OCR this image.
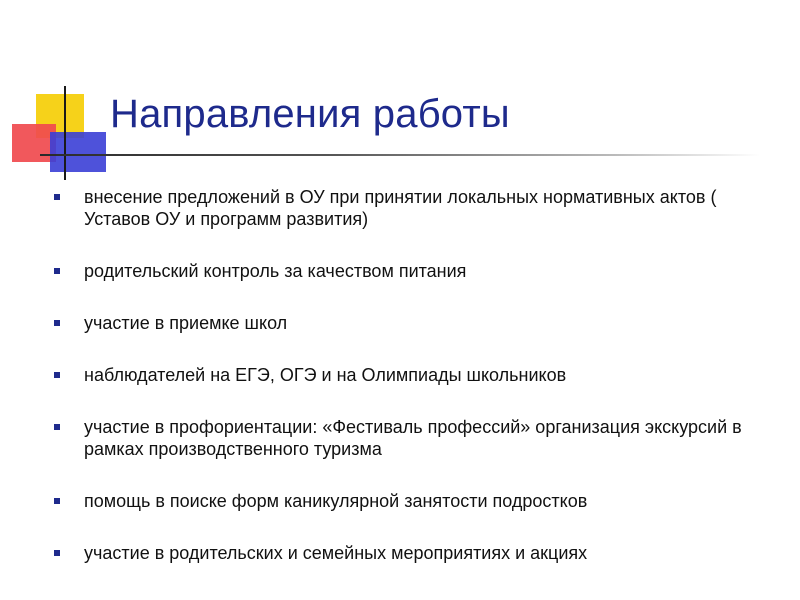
Направления работы
внесение предложений в ОУ при принятии локальных нормативных актов ( Уставов ОУ и программ развития)
родительский контроль за качеством питания
участие в приемке школ
наблюдателей на ЕГЭ, ОГЭ и на Олимпиады школьников
участие в профориентации: «Фестиваль профессий» организация экскурсий в рамках производственного туризма
помощь в поиске форм каникулярной занятости подростков
участие в родительских и семейных мероприятиях и акциях
